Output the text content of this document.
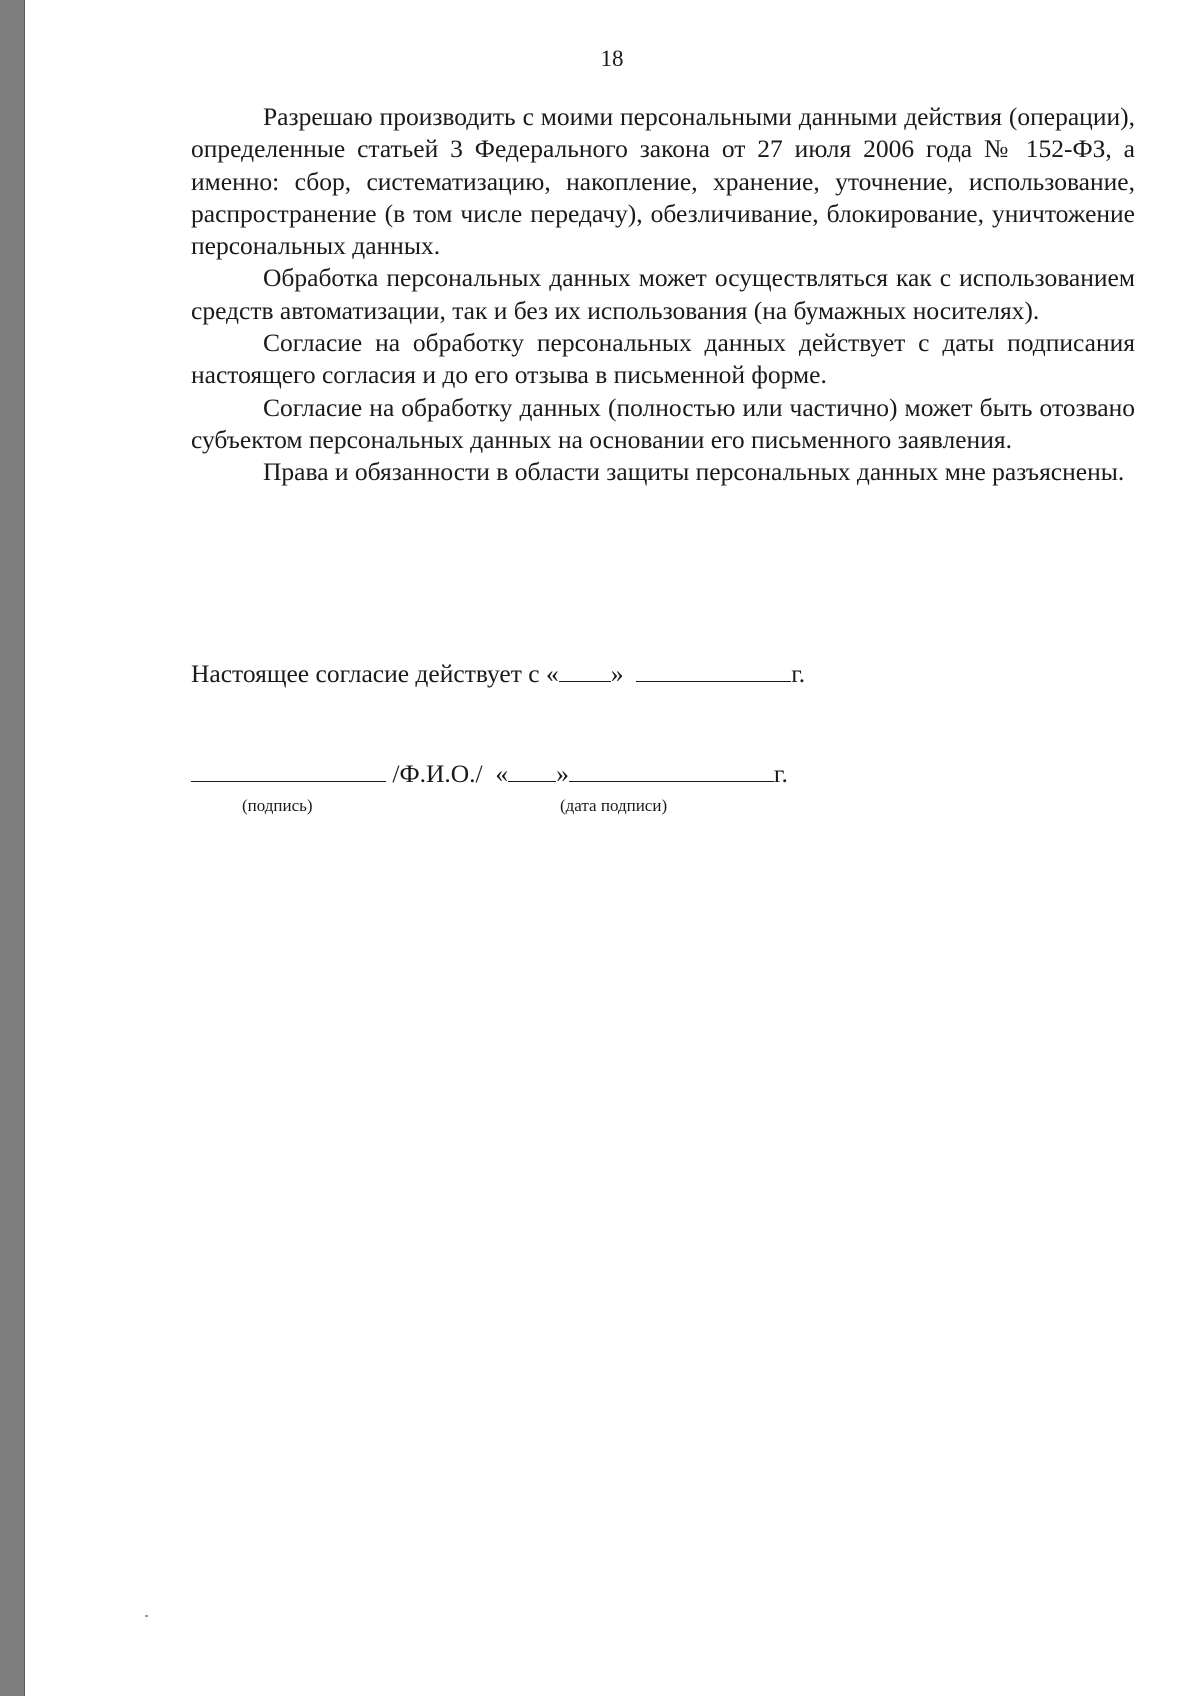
18

Разрешаю производить с моими персональными данными действия (операции), определенные статьей 3 Федерального закона от 27 июля 2006 года № 152-ФЗ, а именно: сбор, систематизацию, накопление, хранение, уточнение, использование, распространение (в том числе передачу), обезличивание, блокирование, уничтожение персональных данных.

Обработка персональных данных может осуществляться как с использованием средств автоматизации, так и без их использования (на бумажных носителях).

Согласие на обработку персональных данных действует с даты подписания настоящего согласия и до его отзыва в письменной форме.

Согласие на обработку данных (полностью или частично) может быть отозвано субъектом персональных данных на основании его письменного заявления.

Права и обязанности в области защиты персональных данных мне разъяснены.

Настоящее согласие действует с « »	г.
/Ф.И.О./ « »	г.
(подпись)	(дата подписи)
